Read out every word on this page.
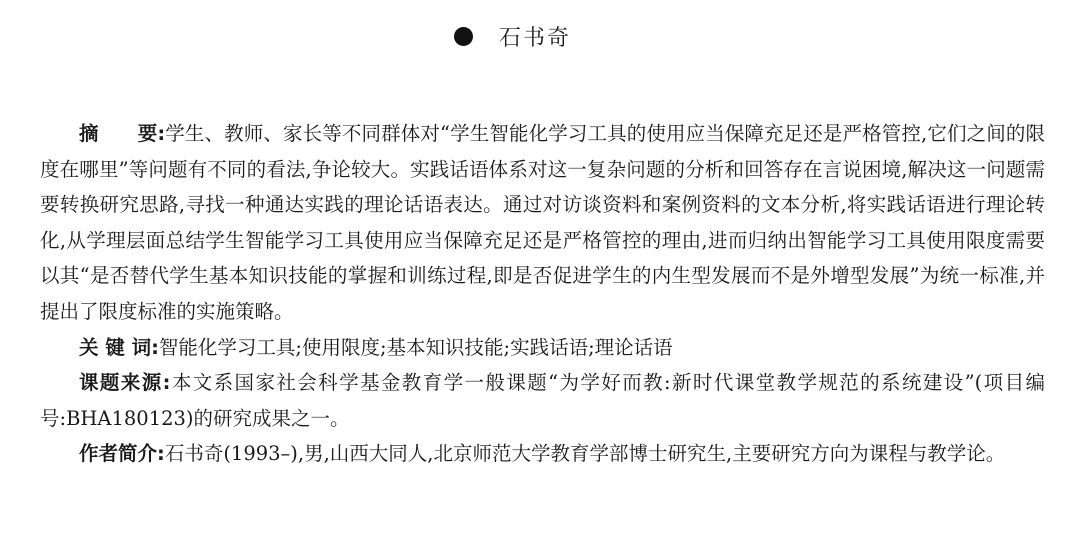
石书奇

摘 要:学生、教师、家长等不同群体对“学生智能化学习工具的使用应当保障充足还是严格管控,它们之间的限度在哪里”等问题有不同的看法,争论较大。实践话语体系对这一复杂问题的分析和回答存在言说困境,解决这一问题需要转换研究思路,寻找一种通达实践的理论话语表达。通过对访谈资料和案例资料的文本分析,将实践话语进行理论转化,从学理层面总结学生智能学习工具使用应当保障充足还是严格管控的理由,进而归纳出智能学习工具使用限度需要以其“是否替代学生基本知识技能的掌握和训练过程,即是否促进学生的内生型发展而不是外增型发展”为统一标准,并提出了限度标准的实施策略。

关 键 词:智能化学习工具;使用限度;基本知识技能;实践话语;理论话语

课题来源:本文系国家社会科学基金教育学一般课题“为学好而教:新时代课堂教学规范的系统建设”(项目编号:BHA180123)的研究成果之一。

作者简介:石书奇(1993–),男,山西大同人,北京师范大学教育学部博士研究生,主要研究方向为课程与教学论。
